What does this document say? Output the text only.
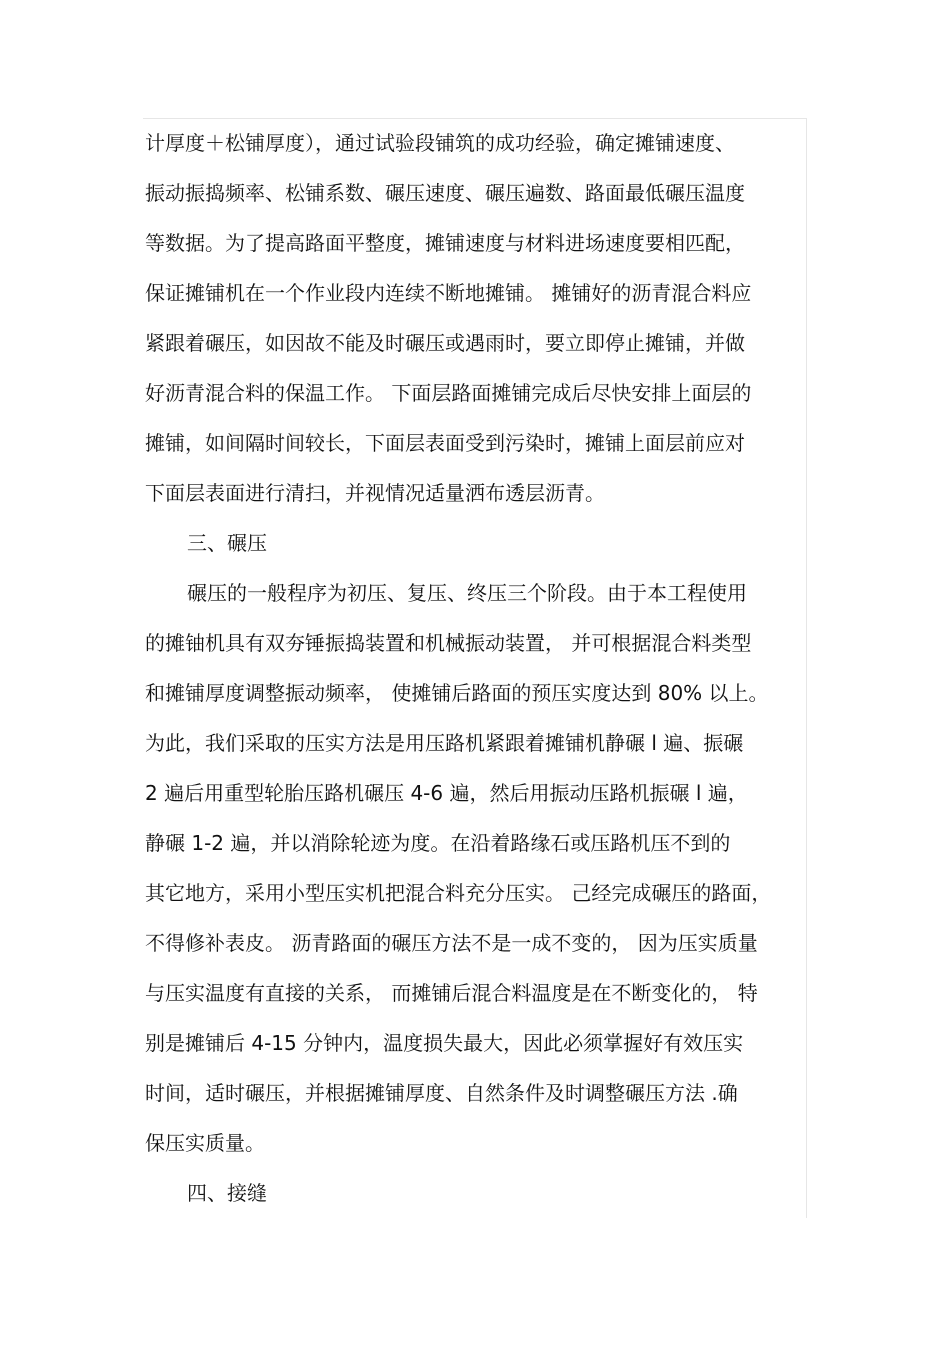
计厚度＋松铺厚度），通过试验段铺筑的成功经验，确定摊铺速度、
振动振捣频率、松铺系数、碾压速度、碾压遍数、路面最低碾压温度
等数据。为了提高路面平整度，摊铺速度与材料进场速度要相匹配，
保证摊铺机在一个作业段内连续不断地摊铺。 摊铺好的沥青混合料应
紧跟着碾压，如因故不能及时碾压或遇雨时，要立即停止摊铺，并做
好沥青混合料的保温工作。 下面层路面摊铺完成后尽快安排上面层的
摊铺，如间隔时间较长，下面层表面受到污染时，摊铺上面层前应对
下面层表面进行清扫，并视情况适量洒布透层沥青。
三、碾压
碾压的一般程序为初压、复压、终压三个阶段。由于本工程使用
的摊铀机具有双夯锤振捣装置和机械振动装置， 并可根据混合料类型
和摊铺厚度调整振动频率， 使摊铺后路面的预压实度达到 80% 以上。
为此，我们采取的压实方法是用压路机紧跟着摊铺机静碾 l 遍、振碾
2 遍后用重型轮胎压路机碾压 4-6 遍，然后用振动压路机振碾 l 遍，
静碾 1-2 遍，并以消除轮迹为度。在沿着路缘石或压路机压不到的
其它地方，采用小型压实机把混合料充分压实。 己经完成碾压的路面，
不得修补表皮。 沥青路面的碾压方法不是一成不变的， 因为压实质量
与压实温度有直接的关系， 而摊铺后混合料温度是在不断变化的， 特
别是摊铺后 4-15 分钟内，温度损失最大，因此必须掌握好有效压实
时间，适时碾压，并根据摊铺厚度、自然条件及时调整碾压方法 .确
保压实质量。
四、接缝
